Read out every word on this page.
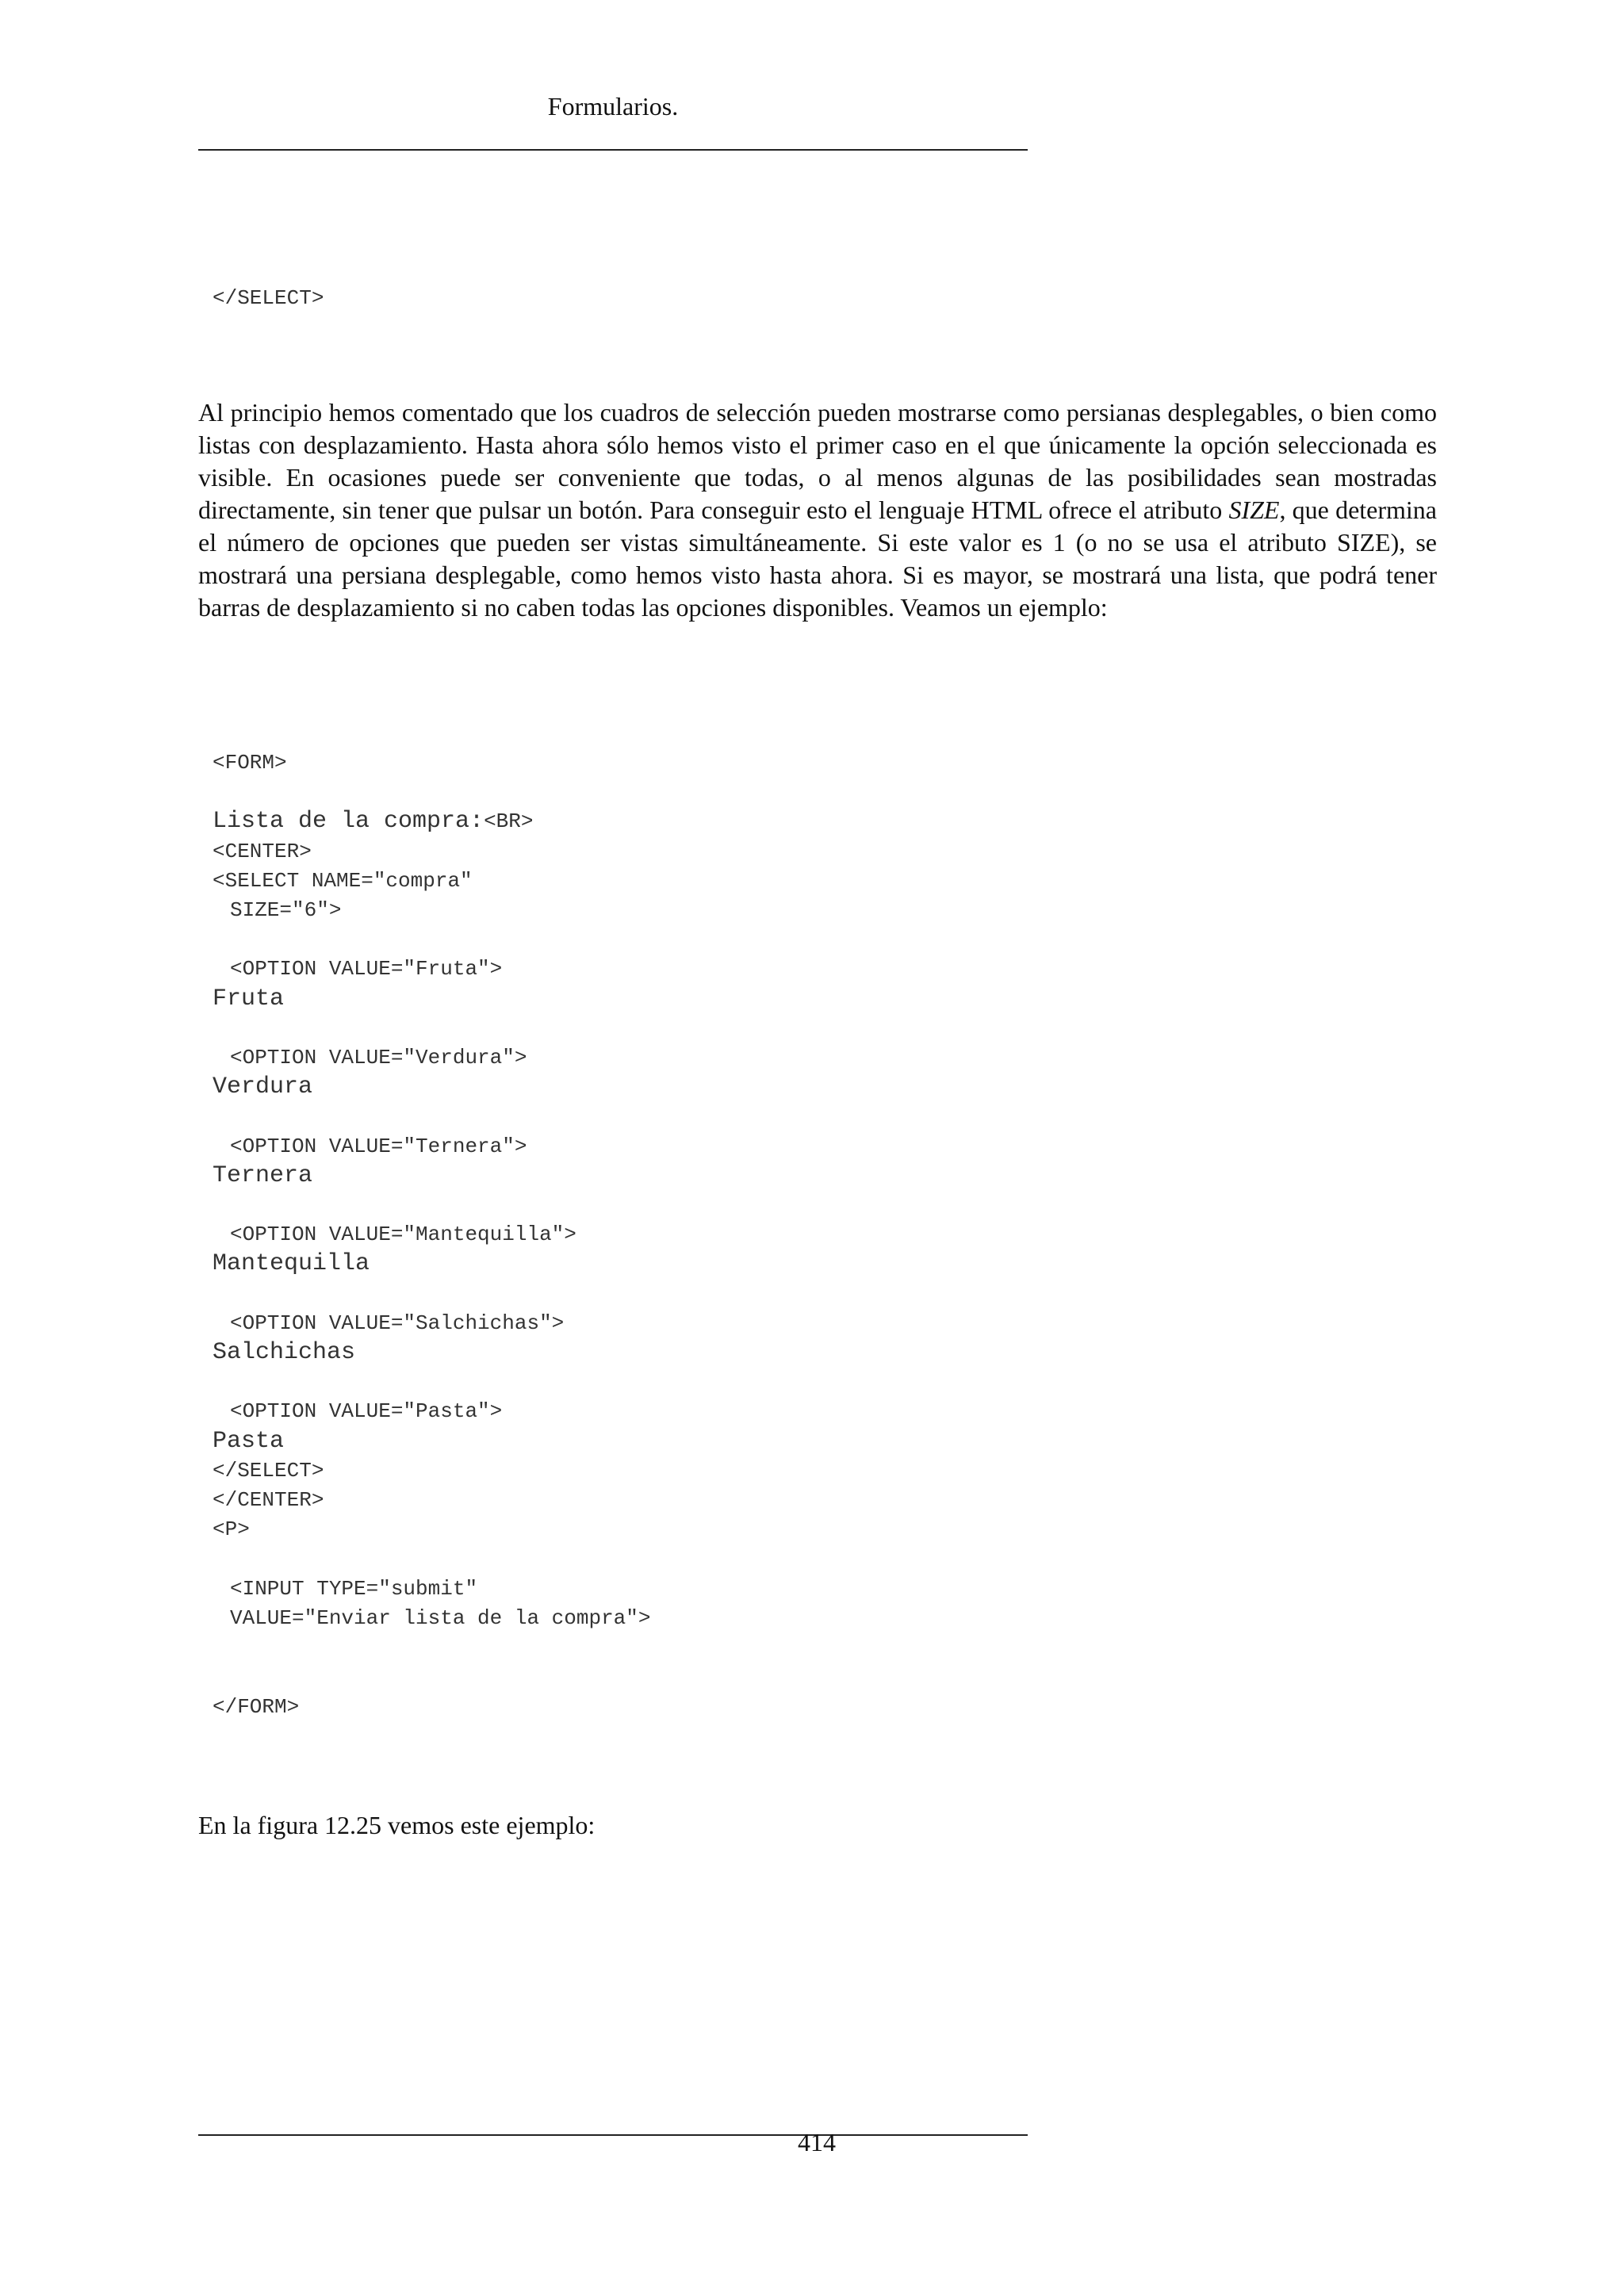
Formularios.
</SELECT>

Al principio hemos comentado que los cuadros de selección pueden mostrarse como persianas desplegables, o bien como listas con desplazamiento. Hasta ahora sólo hemos visto el primer caso en el que únicamente la opción seleccionada es visible. En ocasiones puede ser conveniente que todas, o al menos algunas de las posibilidades sean mostradas directamente, sin tener que pulsar un botón. Para conseguir esto el lenguaje HTML ofrece el atributo SIZE, que determina el número de opciones que pueden ser vistas simultáneamente. Si este valor es 1 (o no se usa el atributo SIZE), se mostrará una persiana desplegable, como hemos visto hasta ahora. Si es mayor, se mostrará una lista, que podrá tener barras de desplazamiento si no caben todas las opciones disponibles. Veamos un ejemplo:

<FORM>
Lista de la compra:<BR>
<CENTER>
<SELECT NAME="compra"
SIZE="6">
<OPTION VALUE="Fruta">
Fruta
<OPTION VALUE="Verdura">
Verdura
<OPTION VALUE="Ternera">
Ternera
<OPTION VALUE="Mantequilla">
Mantequilla
<OPTION VALUE="Salchichas">
Salchichas
<OPTION VALUE="Pasta">
Pasta
</SELECT>
</CENTER>
<P>
<INPUT TYPE="submit"
VALUE="Enviar lista de la compra">
</FORM>

En la figura 12.25 vemos este ejemplo:

414
